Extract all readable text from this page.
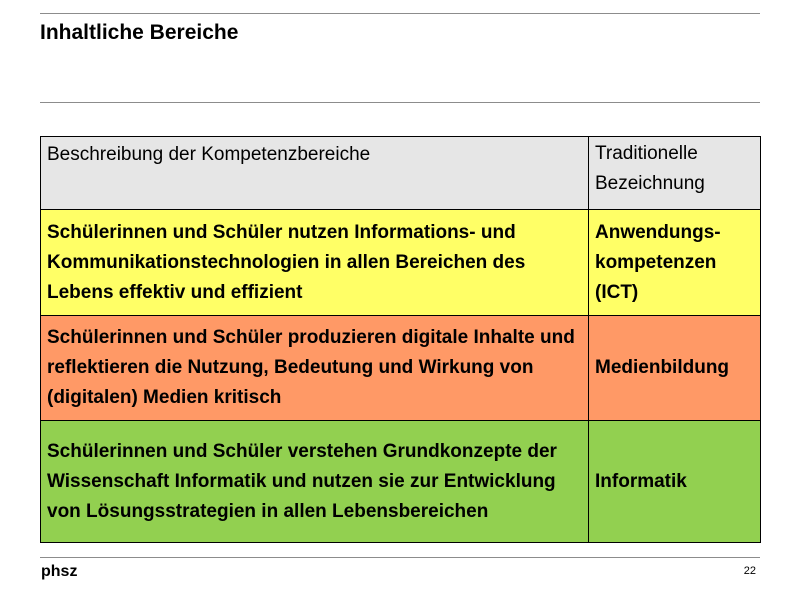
Inhaltliche Bereiche
Beschreibung der Kompetenzbereiche	Traditionelle Bezeichnung
Schülerinnen und Schüler nutzen Informations- und Kommunikationstechnologien in allen Bereichen des Lebens effektiv und effizient	Anwendungs-kompetenzen (ICT)
Schülerinnen und Schüler produzieren digitale Inhalte und reflektieren die Nutzung, Bedeutung und Wirkung von (digitalen) Medien kritisch	Medienbildung
Schülerinnen und Schüler verstehen Grundkonzepte der Wissenschaft Informatik und nutzen sie zur Entwicklung von Lösungsstrategien in allen Lebensbereichen	Informatik
phsz	22
